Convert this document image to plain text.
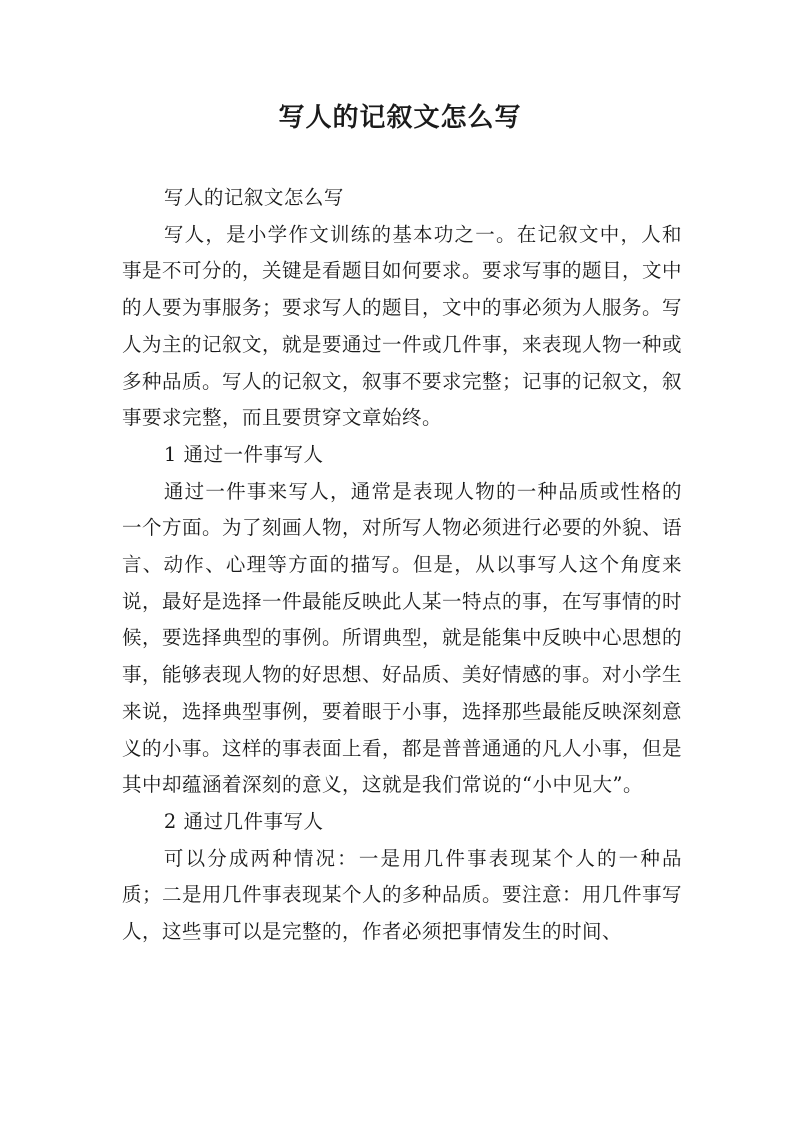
写人的记叙文怎么写

写人的记叙文怎么写

写人，是小学作文训练的基本功之一。在记叙文中，人和事是不可分的，关键是看题目如何要求。要求写事的题目，文中的人要为事服务；要求写人的题目，文中的事必须为人服务。写人为主的记叙文，就是要通过一件或几件事，来表现人物一种或多种品质。写人的记叙文，叙事不要求完整；记事的记叙文，叙事要求完整，而且要贯穿文章始终。

1 通过一件事写人

通过一件事来写人，通常是表现人物的一种品质或性格的一个方面。为了刻画人物，对所写人物必须进行必要的外貌、语言、动作、心理等方面的描写。但是，从以事写人这个角度来说，最好是选择一件最能反映此人某一特点的事，在写事情的时候，要选择典型的事例。所谓典型，就是能集中反映中心思想的事，能够表现人物的好思想、好品质、美好情感的事。对小学生来说，选择典型事例，要着眼于小事，选择那些最能反映深刻意义的小事。这样的事表面上看，都是普普通通的凡人小事，但是其中却蕴涵着深刻的意义，这就是我们常说的“小中见大”。

2 通过几件事写人

可以分成两种情况：一是用几件事表现某个人的一种品质；二是用几件事表现某个人的多种品质。要注意：用几件事写人，这些事可以是完整的，作者必须把事情发生的时间、
